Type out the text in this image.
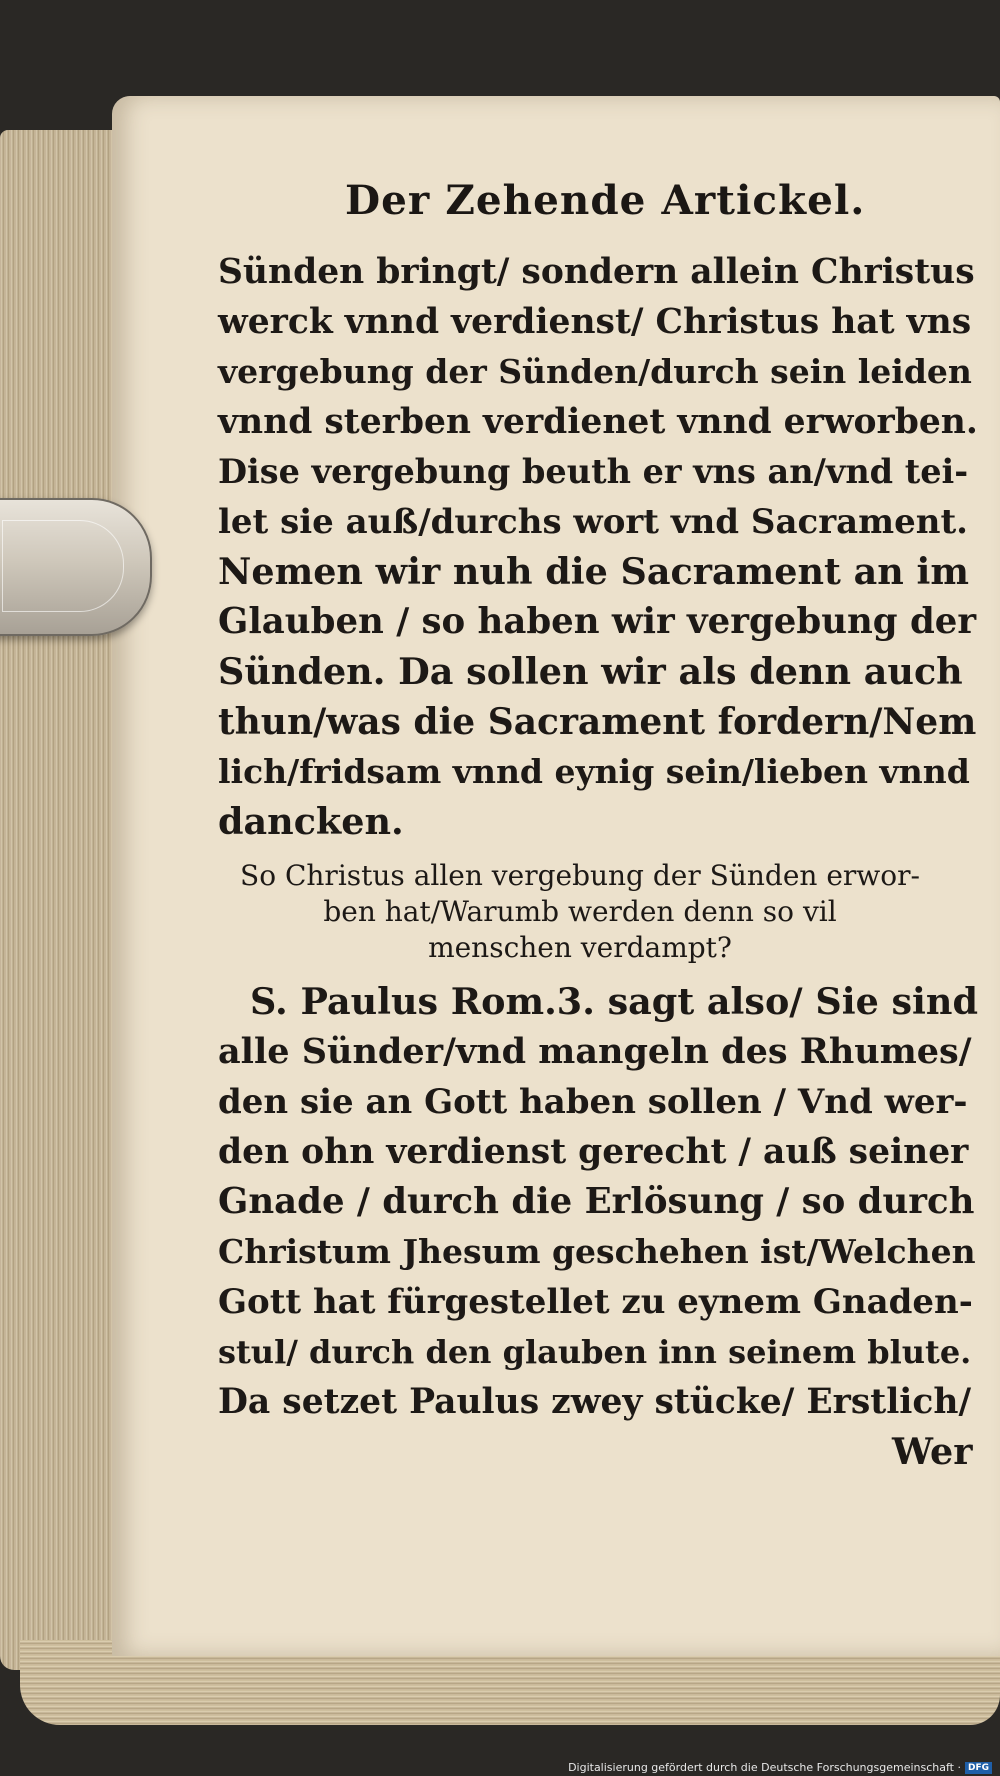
Der Zehende Artickel.
Sünden bringt/ sondern allein Christus
werck vnnd verdienst/ Christus hat vns
vergebung der Sünden/durch sein leiden
vnnd sterben verdienet vnnd erworben.
Dise vergebung beuth er vns an/vnd tei-
let sie auß/durchs wort vnd Sacrament.
Nemen wir nuh die Sacrament an im
Glauben / so haben wir vergebung der
Sünden. Da sollen wir als denn auch
thun/was die Sacrament fordern/Nem
lich/fridsam vnnd eynig sein/lieben vnnd
dancken.
So Christus allen vergebung der Sünden erwor-
ben hat/Warumb werden denn so vil
menschen verdampt?
S. Paulus Rom.3. sagt also/ Sie sind
alle Sünder/vnd mangeln des Rhumes/
den sie an Gott haben sollen / Vnd wer-
den ohn verdienst gerecht / auß seiner
Gnade / durch die Erlösung / so durch
Christum Jhesum geschehen ist/Welchen
Gott hat fürgestellet zu eynem Gnaden-
stul/ durch den glauben inn seinem blute.
Da setzet Paulus zwey stücke/ Erstlich/
Wer
Digitalisierung gefördert durch die Deutsche Forschungsgemeinschaft · DFG
